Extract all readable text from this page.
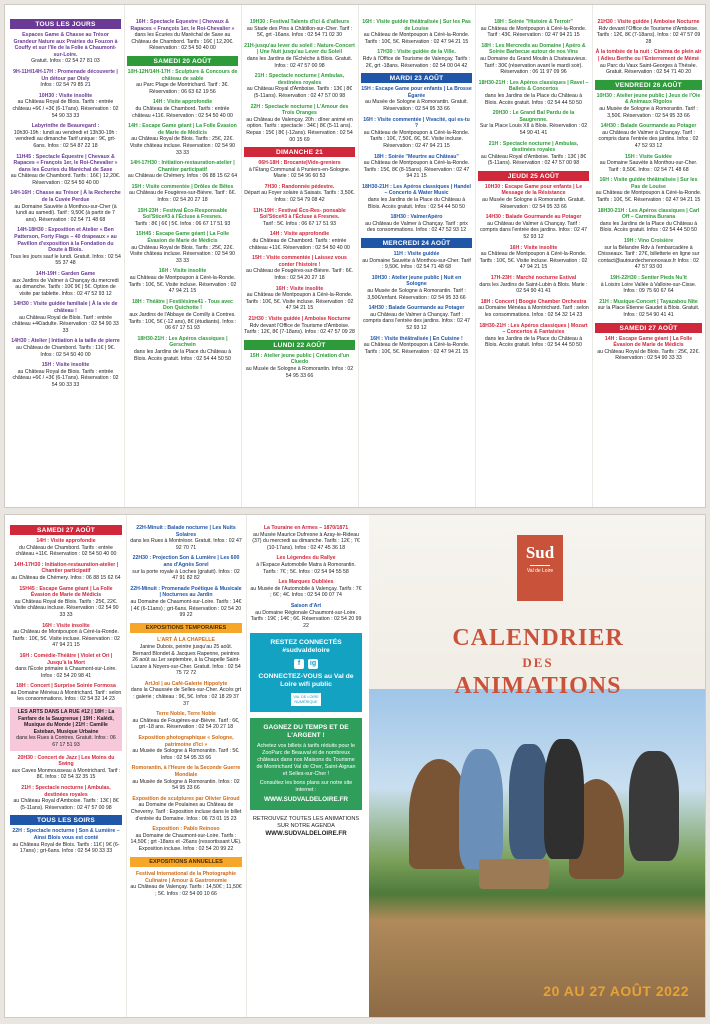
TOUS LES JOURS
Espaces Game & Chasse au Trésor Grandeur Nature aux Prairies du Fouzon à Couffy et sur l'île de la Folie à Chaumont-sur-Loire.
Gratuit. Infos : 02 54 27 81 03
9H-11H/14H-17H : Promenade découverte | Un détour par Oisly
Infos : 02 54 79 85 21
10H30 : Visite insolite
au Château Royal de Blois. Tarifs : entrée château +6€ / +3€ (6-17ans). Réservation : 02 54 90 33 33
Labyrinthe de Beauregard :
10h30-19h : lundi au vendredi et 13h30-19h : vendredi au dimanche Tarif unique : 9€, grt-6ans. Infos : 02 54 87 22 18
11H45 : Spectacle Équestre | Chevaux & Rapaces « François 1er, le Roi-Chevalier » dans les Écuries du Maréchal de Saxe
au Château de Chambord. Tarifs : 16€ | 12,20€. Réservation : 02 54 50 40 00
14H-16H : Chasse au Trésor | À la Recherche de la Cuvée Perdue
au Domaine Sauvète à Monthou-sur-Cher (à lundi au samedi). Tarif : 9,50€ (à partir de 7 ans). Réservation : 02 54 71 48 68
14H-18H30 : Exposition et Atelier « Ben Patterson, Forty Flags – 40 drapeaux » au Pavillon d'exposition à la Fondation du Doute à Blois.
Tous les jours sauf le lundi. Gratuit. Infos : 02 54 55 37 48
14H-19H : Garden Game
aux Jardins de Valmer à Chançay du mercredi au dimanche. Tarifs : 10€ 9€ | 5€. Option de visite par tablette. Infos : 02 47 52 93 12
14H30 : Visite guidée familiale | À la vie de château !
au Château Royal de Blois. Tarif : entrée château +4€/adulte. Réservation : 02 54 90 33 33
14H30 : Atelier | Initiation à la taille de pierre
au Château de Chambord. Tarifs : 11€ | 9€. Infos : 02 54 50 40 00
15H : Visite insolite
au Château Royal de Blois. Tarifs : entrée château +6€ / +3€ (6-17ans). Réservation : 02 54 90 33 33
16H : Spectacle Équestre | Chevaux & Rapaces « François 1er, le Roi-Chevalier »
dans les Écuries du Maréchal de Saxe au Château de Chambord. Tarifs : 16€ | 12,20€. Réservation : 02 54 50 40 00
SAMEDI 20 AOÛT
10H-12H/14H-17H : Sculpture & Concours de château de sable
au Parc Plage de Montrichard. Tarif : 3€. Réservation : 06 63 62 19 56
14H : Visite approfondie
du Château de Chambord. Tarifs : entrée château +11€. Réservation : 02 54 50 40 00
14H : Escape Game géant | La Folle Évasion de Marie de Médicis
au Château Royal de Blois. Tarifs : 25€, 22€. Visite château incluse. Réservation : 02 54 90 33 33
14H-17H30 : Initiation-restauration-atelier | Chantier participatif
au Château de Chémery. Infos : 06 88 15 62 64
15H : Visite commentée | Drôles de Bêtes
au Château de Fougères-sur-Bièvre. Tarif : 6€. Infos : 02 54 20 27 18
15H-23H : Festival Éco-Responsable Sol'Stice#3 à l'Écluse à Fresnes.
Tarifs : 8€ | 6€ | 5€. Infos : 06 67 17 51 93
15H45 : Escape Game géant | La Folle Évasion de Marie de Médicis
au Château Royal de Blois. Tarifs : 25€, 22€. Visite château incluse. Réservation : 02 54 90 33 33
16H : Visite insolite
au Château de Montpoupon à Céré-la-Ronde. Tarifs : 10€, 5€. Visite incluse. Réservation : 02 47 94 21 15
18H : Théâtre | Festilésime41 - Tous avec Don Quichotte !
aux Jardins de l'Abbaye de Cornilly à Contres. Tarifs : 10€, 5€ (-12 ans), 8€ (étudiants). Infos : 06 67 17 51 93
18H30-21H : Les Apéros classiques | Gerschwin
dans les Jardins de la Place du Château à Blois. Accès gratuit. Infos : 02 54 44 50 50
19H30 : Festival Talents d'ici & d'ailleurs
au Stade des Pins à Châtillon-sur-Cher. Tarif : 5€, grt -16ans. Infos : 02 54 71 02 30
21H-jusqu'au lever du soleil : Nature-Concert | Une Nuit jusqu'au Lever du Soleil
dans les Jardins de l'Échèche à Blois. Gratuit. Infos : 02 47 57 00 98
21H : Spectacle nocturne | Ambulas, destinées royales
au Château Royal d'Amboise. Tarifs : 13€ | 8€ (5-11ans). Réservation : 02 47 57 00 98
22H : Spectacle nocturne | L'Amour des Trois Oranges
au Château de Valençay. 20h : dîner animé en option. Tarifs : spectacle : 34€ | 8€ (5-11 ans). Repas : 15€ | 8€ (-12ans). Réservation : 02 54 00 15 69
DIMANCHE 21
06H-18H : Brocante|Vide-greniers
à l'Étang Communal à Pruniers-en-Sologne. Marie : 02 54 96 60 53
7H30 : Randonnée pédestre.
Départ au Foyer solaire à Saisais. Tarifs : 3,50€. Infos : 02 54 79 08 42
11H-19H : Festival Éco-Res- ponsable Sol'Stice#3 à l'Écluse à Fresnes.
Tarif : 5€. Infos : 06 67 17 51 93
14H : Visite approfondie
du Château de Chambord. Tarifs : entrée château +11€. Réservation : 02 54 50 40 00
15H : Visite commentée | Laissez vous conter l'histoire !
au Château de Fougères-sur-Bièvre. Tarif : 6€. Infos : 02 54 20 27 18
16H : Visite insolite
au Château de Montpoupon à Céré-la-Ronde. Tarifs : 10€, 5€. Visite incluse. Réservation : 02 47 94 21 15
21H30 : Visite guidée | Amboise Nocturne
Rdv devant l'Office de Tourisme d'Amboise. Tarifs : 12€, 8€ (7-18ans). Infos : 02 47 57 09 28
LUNDI 22 AOÛT
15H : Atelier jeune public | Création d'un Cluedo
au Musée de Sologne à Romorantin. Infos : 02 54 95 33 66
16H : Visite guidée théâtralisée | Sur les Pas de Louise
au Château de Montpoupon à Céré-la-Ronde. Tarifs : 10€, 5€. Réservation : 02 47 94 21 15
17H30 : Visite guidée de la Ville.
Rdv à l'Office de Tourisme de Valençay. Tarifs : 2€, grt -18ans. Réservation : 02 54 00 04 42
MARDI 23 AOÛT
15H : Escape Game pour enfants | La Brosse Égarée
au Musée de Sologne à Romorantin. Gratuit. Réservation : 02 54 95 33 66
16H : Visite commentée | Vivacité, qui es-tu ?
au Château de Montpoupon à Céré-la-Ronde. Tarifs : 10€, 7,50€, 6€, 5€. Visite incluse. Réservation : 02 47 94 21 15
18H : Soirée "Meurtre au Château"
au Château de Montpoupon à Céré-la-Ronde. Tarifs : 15€, 8€ (8-15ans). Réservation : 02 47 94 21 15
18H30-21H : Les Apéros classiques | Handel – Concerto & Water Music
dans les Jardins de la Place du Château à Blois. Accès gratuit. Infos : 02 54 44 50 50
18H30 : ValmerApéro
au Château de Valmer à Chançay. Tarif : prix des consommations. Infos : 02 47 52 93 12
MERCREDI 24 AOÛT
11H : Visite guidée
au Domaine Sauvète à Monthou-sur-Cher. Tarif : 9,50€. Infos : 02 54 71 48 68
10H30 : Atelier jeune public | Nuit en Sologne
au Musée de Sologne à Romorantin. Tarif : 3,50€/enfant. Réservation : 02 54 95 33 66
14H30 : Balade Gourmande au Potager
au Château de Valmer à Chançay. Tarif : compris dans l'entrée des jardins. Infos : 02 47 52 93 12
16H : Visite théâtralisée | En Cuisine !
au Château de Montpoupon à Céré-la-Ronde. Tarifs : 10€, 5€. Réservation : 02 47 94 21 15
18H : Soirée "Histoire & Terroir"
au Château de Montpoupon à Céré-la-Ronde. Tarif : 43€. Réservation : 02 47 94 21 15
18H : Les Mercredis au Domaine | Apéro & Soirée Barbecue autour de nos Vins
au Domaine du Grand Moulin à Chateauvieux. Tarif : 30€ (réservation avant le mardi soir). Réservation : 06 11 97 09 96
18H30-21H : Les Apéros classiques | Ravel – Ballets & Concertos
dans les Jardins de la Place du Château à Blois. Accès gratuit. Infos : 02 54 44 50 50
20H30 : Le Grand Bal Pardu de la Saugrenne.
Sur la Place Louis XII à Blois. Réservation : 02 54 90 41 41
21H : Spectacle nocturne | Ambulas, destinées royales
au Château Royal d'Amboise. Tarifs : 13€ | 8€ (5-11ans). Réservation : 02 47 57 00 98
JEUDI 25 AOÛT
10H30 : Escape Game pour enfants | Le Message de la Résistance
au Musée de Sologne à Romorantin. Gratuit. Réservation : 02 54 95 33 66
14H30 : Balade Gourmande au Potager
au Château de Valmer à Chançay. Tarif : compris dans l'entrée des jardins. Infos : 02 47 52 93 12
16H : Visite insolite
au Château de Montpoupon à Céré-la-Ronde. Tarifs : 10€, 5€. Visite incluse. Réservation : 02 47 94 21 15
17H-23H : Marché nocturne Estival
dans les Jardins de Saint-Lubin à Blois. Marie : 02 54 90 41 41
18H : Concert | Boogie Chamber Orchestra
au Domaine Ménéau à Montrichard. Tarif : selon les consommations. Infos : 02 54 32 14 23
18H30-21H : Les Apéros classiques | Mozart – Concertos & Fantaisies
dans les Jardins de la Place du Château à Blois. Accès gratuit. Infos : 02 54 44 50 50
21H30 : Visite guidée | Amboise Nocturne
Rdv devant l'Office de Tourisme d'Amboise. Tarifs : 12€, 8€ (7-18ans). Infos : 02 47 57 09 28
À la tombée de la nuit : Cinéma de plein air | Adieu Berthe ou l'Enterrement de Mémé
au Parc du Vaux Saint-Georges à Thésée. Gratuit. Réservation : 02 54 71 40 20
VENDREDI 26 AOÛT
10H30 : Atelier jeune public | Jeux de l'Oie & Animaux Rigolos
au Musée de Sologne à Romorantin. Tarif : 3,50€. Réservation : 02 54 95 33 66
14H30 : Balade Gourmande au Potager
au Château de Valmer à Chançay. Tarif : compris dans l'entrée des jardins. Infos : 02 47 52 93 12
15H : Visite Guidée
au Domaine Sauvète à Monthou-sur-Cher. Tarif : 9,50€. Infos : 02 54 71 48 68
16H : Visite guidée théâtralisée | Sur les Pas de Louise
au Château de Montpoupon à Céré-la-Ronde. Tarifs : 10€, 5€. Réservation : 02 47 94 21 15
18H30-21H : Les Apéros classiques | Carl Off – Carmina Burana
dans les Jardins de la Place du Château à Blois. Accès gratuit. Infos : 02 54 44 50 50
19H : Vino Croisière
sur la Bélandre Rdv à l'embarcadère à Chisseaux. Tarif : 27€, billetterie en ligne sur contact@autourdechenonceaux.fr Infos : 02 47 57 93 00
19H-22H30 : Sentier Pieds Nu'it
à Loisirs Loire Vallée à Valloire-sur-Cisse. Infos : 09 75 60 67 64
21H : Musique-Concert | Tayazabou Nite
sur la Place Étienne Gaudet à Blois. Gratuit. Infos : 02 54 90 41 41
SAMEDI 27 AOÛT
14H : Escape Game géant | La Folle Évasion de Marie de Médicis
au Château Royal de Blois. Tarifs : 25€, 22€. Réservation : 02 54 90 33 33
SAMEDI 27 AOÛT
14H : Visite approfondie
du Château de Chambord. Tarifs : entrée château +11€. Réservation : 02 54 50 40 00
14H-17H30 : Initiation-restauration-atelier | Chantier participatif
au Château de Chémery. Infos : 06 88 15 62 64
15H45 : Escape Game géant | La Folle Évasion de Marie de Médicis
au Château Royal de Blois. Tarifs : 25€, 22€. Visite château incluse. Réservation : 02 54 90 33 33
16H : Visite insolite
au Château de Montpoupon à Céré-la-Ronde. Tarifs : 10€, 5€. Visite incluse. Réservation : 02 47 94 21 15
16H : Comédie-Théâtre | Violet et Ori | Jusqu'à la Mort
dans l'École primaire à Chaumont-sur-Loire. Infos : 02 54 20 98 41
18H : Concert | Surprise Soirée Formosa
au Domaine Ménéau à Montrichard. Tarif : selon les consommations. Infos : 02 54 32 14 23
LES ARTS DANS LA RUE #12 | 18H : La Fanfare de la Saugrenue | 19H : Kalédi, Musique du Monde | 21H : Camille Esteban, Musique Urbaine
dans les Rues à Contres. Gratuit. Infos : 06 67 17 51 93
20H30 : Concert de Jazz | Les Moins du Swing
aux Caves Monmousseau à Montrichard. Tarif : 8€. Infos : 02 54 32 35 15
21H : Spectacle nocturne | Ambulas, destinées royales
au Château Royal d'Amboise. Tarifs : 13€ | 8€ (5-11ans). Réservation : 02 47 57 00 98
TOUS LES SOIRS
22H : Spectacle nocturne | Son & Lumière – Ainsi Blois vous est conté
au Château Royal de Blois. Tarifs : 11€ | 9€ (6-17ans) ; grt-6ans. Infos : 02 54 90 33 33
22H-Minuit : Balade nocturne | Les Nuits Solaires
dans les Rues à Montrésor. Gratuit. Infos : 02 47 92 70 71
22H30 : Projection Son & Lumière | Les 600 ans d'Agnès Sorel
sur la porte royale à Loches (gratuit). Infos : 02 47 91 82 82
22H-Minuit : Promenade Poétique & Musicale | Nocturnes au Jardin
au Domaine de Chaumont-sur-Loire. Tarifs : 14€ | 4€ (6-11ans) ; grt-6ans. Réservation : 02 54 20 99 22
EXPOSITIONS TEMPORAIRES
L'ART À LA CHAPELLE
Janine Dubois, peintre jusqu'au 25 août. Bernard Blondet & Jacques Rapenne, peintres 26 août au 1er septembre, à la Chapelle Saint-Lazare à Noyers-sur-Cher. Gratuit. Infos : 02 54 75 72 72
ArtJol | au Café-Galerie Hippolyte
dans la Chaussée de Selles-sur-Cher. Accès grt : galerie ; château : 9€, 5€. Infos : 02 18 29 37 37
Terre Noble, Terre Noble
au Château de Fougères-sur-Bièvre. Tarif : 6€, grt -18 ans. Réservation : 02 54 20 27 18
Exposition photographique « Sologne, patrimoine d'Ici »
au Musée de Sologne à Romorantin. Tarif : 5€. Infos : 02 54 95 33 66
Romorantin, à l'Heure de la Seconde Guerre Mondiale
au Musée de Sologne à Romorantin. Infos : 02 54 95 33 66
Exposition de sculptures par Olivier Giroud
au Domaine de Poulaines au Château de Cheverny. Tarif : Exposition incluse dans le billet d'entrée du Domaine. Infos : 06 73 01 15 23
Exposition : Pablo Reinoso
au Domaine de Chaumont-sur-Loire. Tarifs : 14,50€ ; grt -18ans et -26ans (ressortissant UE). Exposition incluse. Infos : 02 54 20 99 22
EXPOSITIONS ANNUELLES
Festival International de la Photographie Culinaire | Amour & Gastronomie
au Château de Valençay. Tarifs : 14,50€ ; 11,50€ ; 5€. Infos : 02 54 00 10 66
La Touraine en Armes – 1870/1871
au Musée Maurice Dufresne à Azay-le-Rideau (37) du mercredi au dimanche. Tarifs : 12€ ; 7€ (10-17ans). Infos : 02 47 45 36 18
Les Légendes du Rallye
à l'Espace Automobile Matra à Romorantin. Tarifs : 7€ ; 5€. Infos : 02 54 94 55 58
Les Marques Oubliées
au Musée de l'Automobile à Valençay. Tarifs : 7€ ; 6€ ; 4€. Infos : 02 54 00 07 74
Saison d'Art
au Domaine Régionale Chaumont-sur-Loire. Tarifs : 19€ ; 14€ ; 6€. Réservation : 02 54 20 99 22
RESTEZ CONNECTÉS #sudvaldeloire
f	ig
CONNECTEZ-VOUS au Val de Loire wifi public
VAL DE LOIRE NUMÉRIQUE
GAGNEZ DU TEMPS ET DE L'ARGENT !
Achetez vos billets à tarifs réduits pour le ZooParc de Beauval et de nombreux châteaux dans nos Maisons du Tourisme de Montrichard Val de Cher, Saint-Aignan et Selles-sur-Cher !
Consultez les bons plans sur notre site internet :
WWW.SUDVALDELOIRE.FR
RETROUVEZ TOUTES LES ANIMATIONS SUR NOTRE AGENDA
WWW.SUDVALDELOIRE.FR
Sud
Val de Loire
CALENDRIER
DES
ANIMATIONS
20 AU 27 AOÛT 2022
